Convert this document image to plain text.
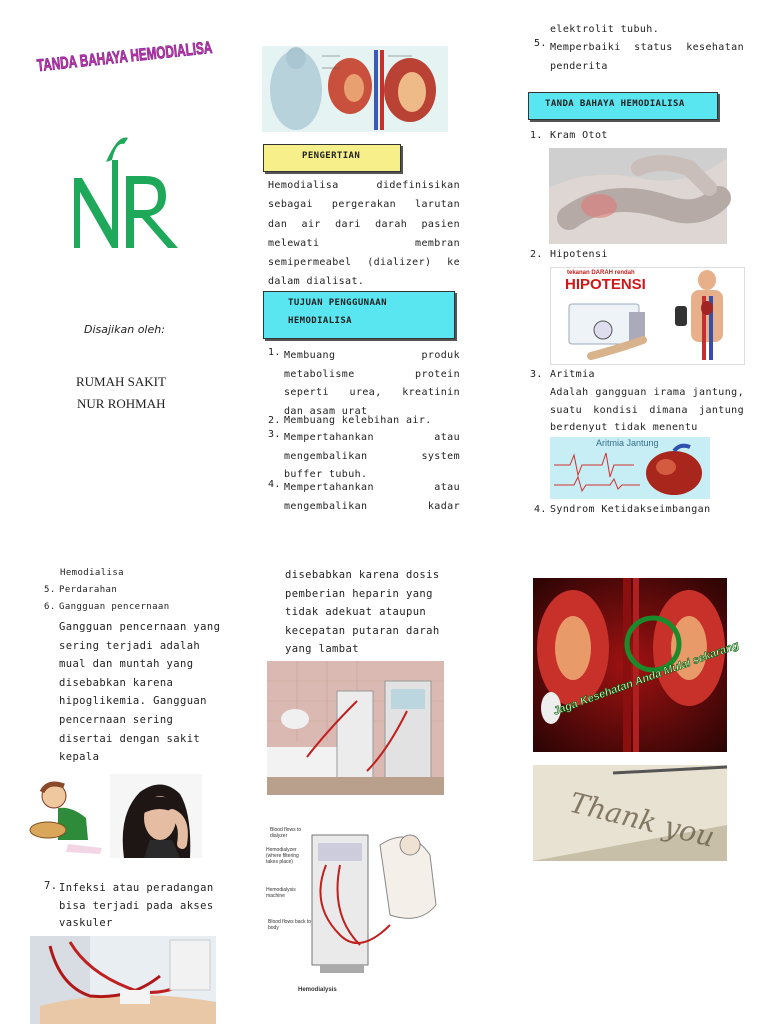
TANDA BAHAYA HEMODIALISA
Disajikan oleh:
RUMAH SAKIT
NUR ROHMAH
PENGERTIAN
Hemodialisa didefinisikan
sebagai pergerakan larutan
dan air dari darah pasien
melewati membran
semipermeabel (dializer) ke
dalam dialisat.
TUJUAN PENGGUNAAN
HEMODIALISA
1. Membuang produk
metabolisme protein
seperti urea, kreatinin
dan asam urat
2. Membuang kelebihan air.
3. Mempertahankan atau
mengembalikan system
buffer tubuh.
4. Mempertahankan atau
mengembalikan kadar
elektrolit tubuh.
5. Memperbaiki status kesehatan
penderita
TANDA BAHAYA HEMODIALISA
1. Kram Otot
2. Hipotensi
tekanan DARAH rendah
HIPOTENSI
3. Aritmia
Adalah gangguan irama jantung,
suatu kondisi dimana jantung
berdenyut tidak menentu
Aritmia Jantung
4. Syndrom Ketidakseimbangan
Hemodialisa
5. Perdarahan
6. Gangguan pencernaan
Gangguan pencernaan yang
sering terjadi adalah
mual dan muntah yang
disebabkan karena
hipoglikemia. Gangguan
pencernaan sering
disertai dengan sakit
kepala
7. Infeksi atau peradangan
bisa terjadi pada akses
vaskuler
disebabkan karena dosis
pemberian heparin yang
tidak adekuat ataupun
kecepatan putaran darah
yang lambat
Blood flows to dialyzer
Hemodialyzer (where filtering takes place)
Hemodialysis machine
Blood flows back to body
Hemodialysis
Jaga Kesehatan Anda Mulai sekarang
Thank you
